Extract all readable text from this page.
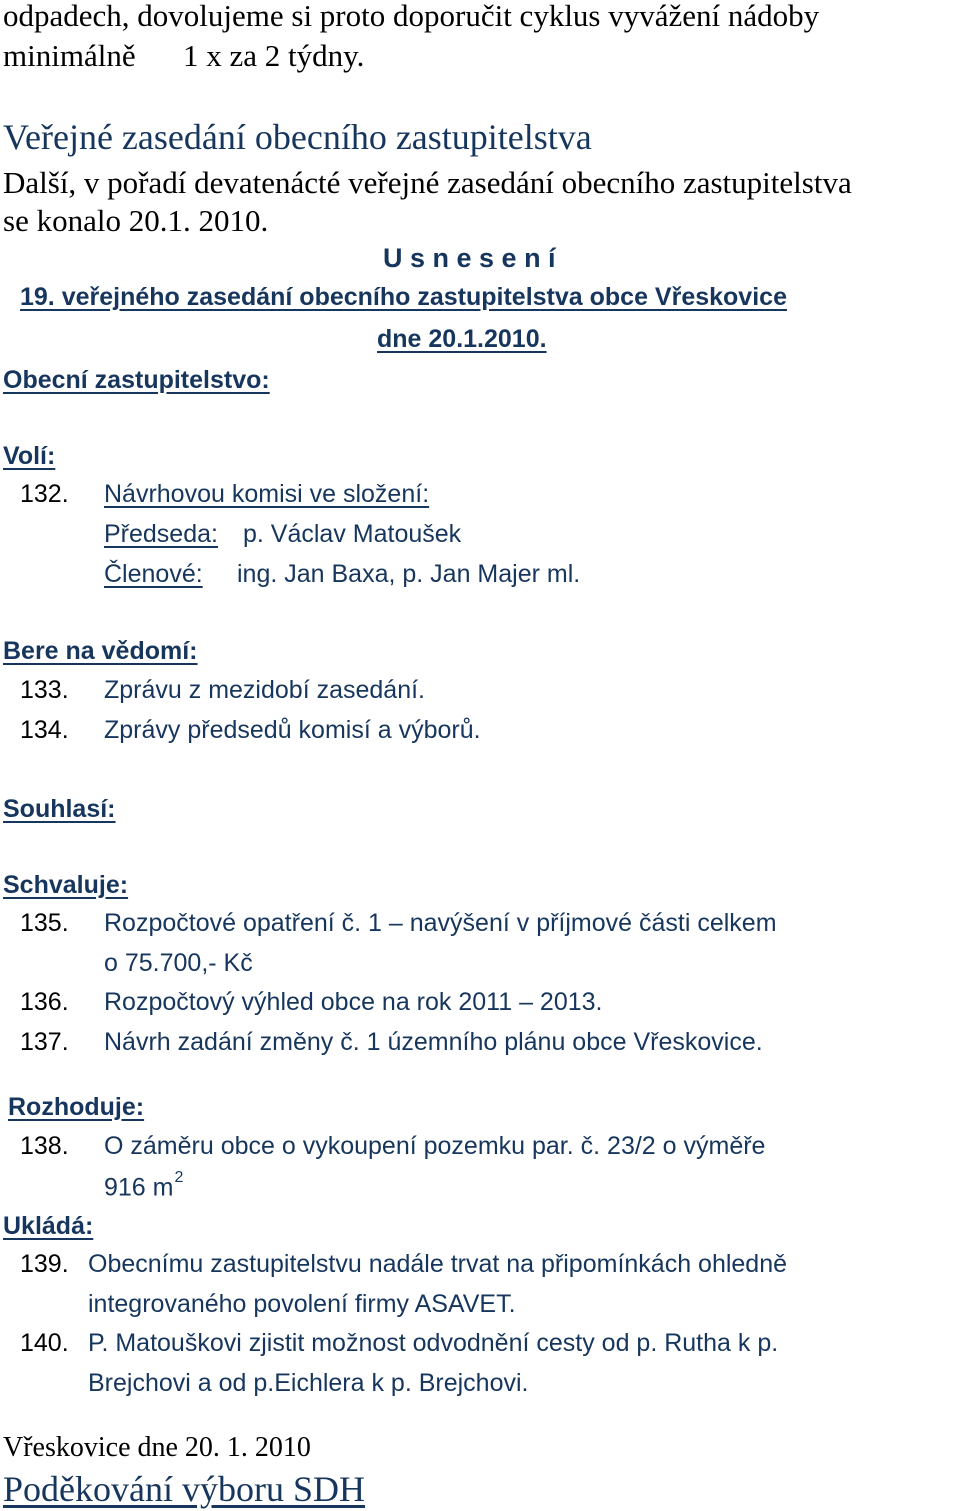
odpadech, dovolujeme si proto doporučit cyklus vyvážení nádoby
minimálně 1 x za 2 týdny.
Veřejné zasedání obecního zastupitelstva
Další, v pořadí devatenácté veřejné zasedání obecního zastupitelstva
se konalo 20.1. 2010.
U s n e s e n í
19. veřejného zasedání obecního zastupitelstva obce Vřeskovice
dne 20.1.2010.
Obecní zastupitelstvo:
Volí:
132. Návrhovou komisi ve složení:
Předseda: p. Václav Matoušek
Členové: ing. Jan Baxa, p. Jan Majer ml.
Bere na vědomí:
133. Zprávu z mezidobí zasedání.
134. Zprávy předsedů komisí a výborů.
Souhlasí:
Schvaluje:
135. Rozpočtové opatření č. 1 – navýšení v příjmové části celkem
o 75.700,- Kč
136. Rozpočtový výhled obce na rok 2011 – 2013.
137. Návrh zadání změny č. 1 územního plánu obce Vřeskovice.
Rozhoduje:
138. O záměru obce o vykoupení pozemku par. č. 23/2 o výměře
916 $m^2$
Ukládá:
139. Obecnímu zastupitelstvu nadále trvat na připomínkách ohledně
integrovaného povolení firmy ASAVET.
140. P. Matouškovi zjistit možnost odvodnění cesty od p. Rutha k p.
Brejchovi a od p.Eichlera k p. Brejchovi.
Vřeskovice dne 20. 1. 2010
Poděkování výboru SDH
